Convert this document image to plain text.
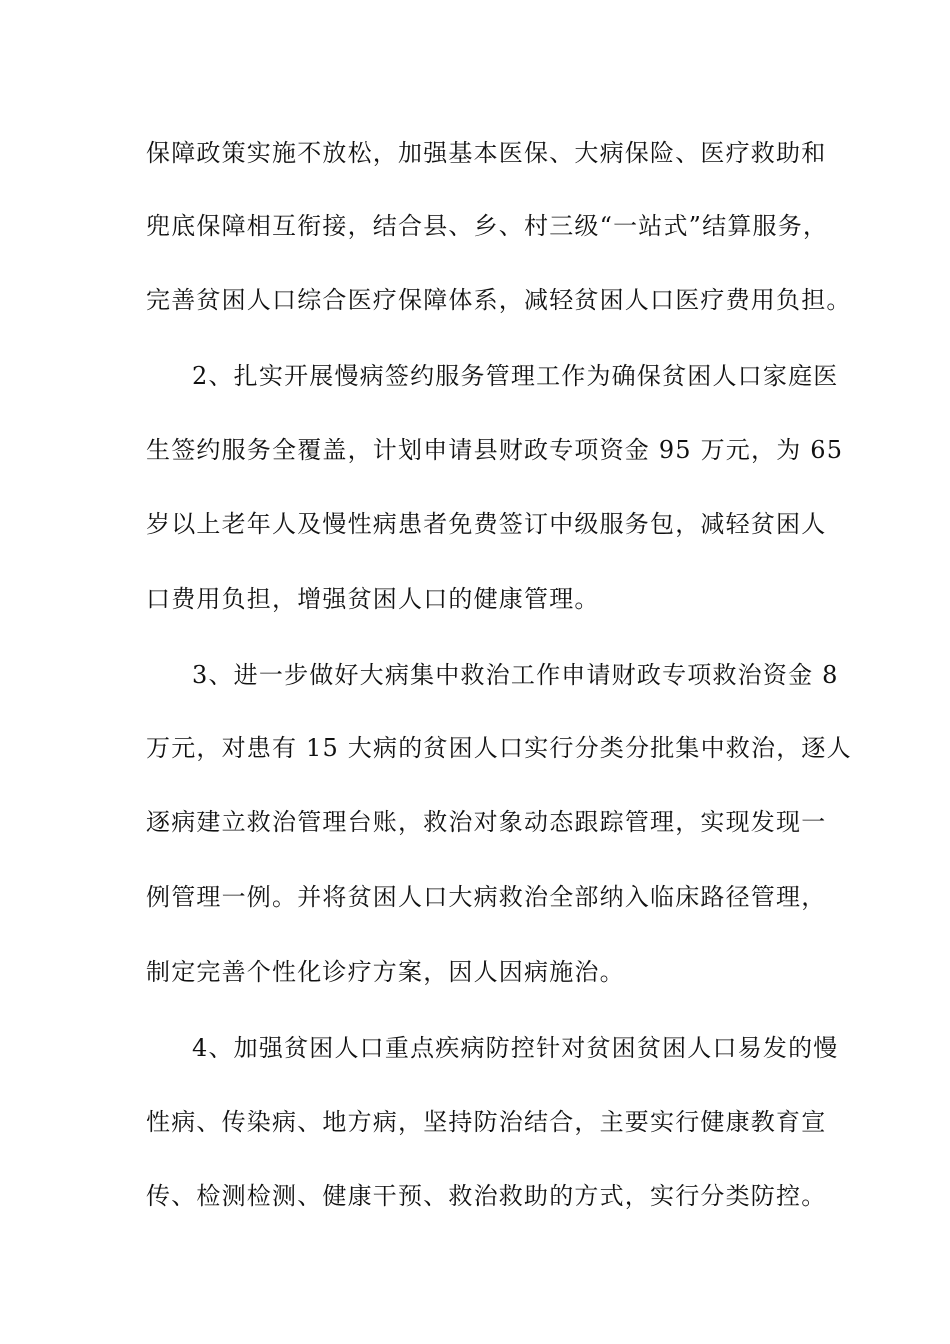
保障政策实施不放松，加强基本医保、大病保险、医疗救助和
兜底保障相互衔接，结合县、乡、村三级“一站式”结算服务，
完善贫困人口综合医疗保障体系，减轻贫困人口医疗费用负担。
2、扎实开展慢病签约服务管理工作为确保贫困人口家庭医
生签约服务全覆盖，计划申请县财政专项资金 95 万元，为 65
岁以上老年人及慢性病患者免费签订中级服务包，减轻贫困人
口费用负担，增强贫困人口的健康管理。
3、进一步做好大病集中救治工作申请财政专项救治资金 8
万元，对患有 15 大病的贫困人口实行分类分批集中救治，逐人
逐病建立救治管理台账，救治对象动态跟踪管理，实现发现一
例管理一例。并将贫困人口大病救治全部纳入临床路径管理，
制定完善个性化诊疗方案，因人因病施治。
4、加强贫困人口重点疾病防控针对贫困贫困人口易发的慢
性病、传染病、地方病，坚持防治结合，主要实行健康教育宣
传、检测检测、健康干预、救治救助的方式，实行分类防控。
